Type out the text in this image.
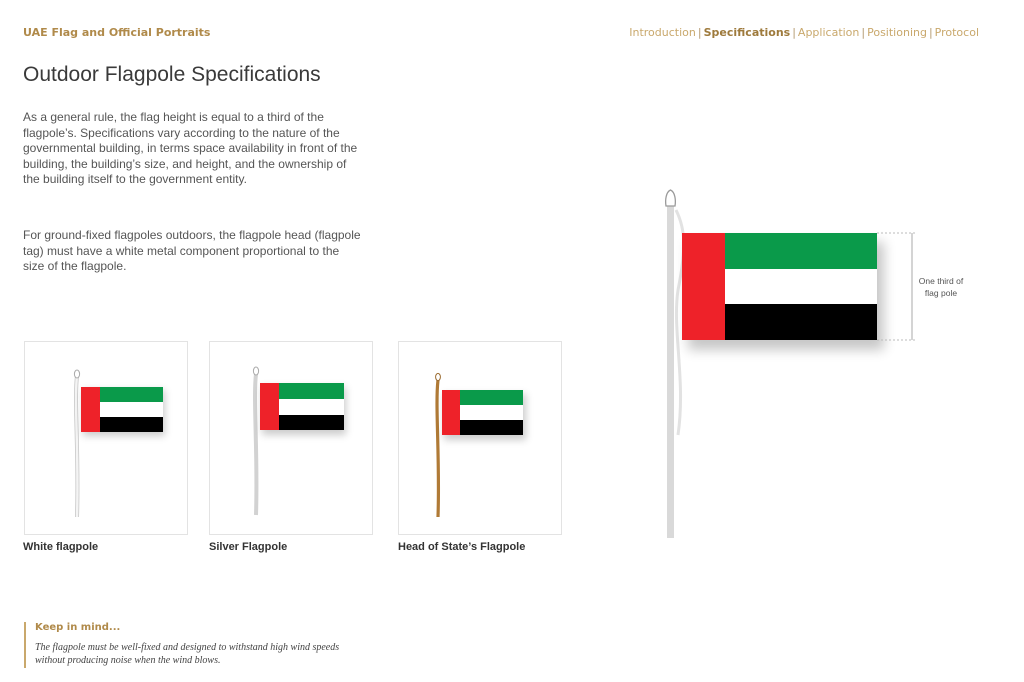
UAE Flag and Official Portraits	Introduction | Specifications | Application | Positioning | Protocol
Outdoor Flagpole Specifications

As a general rule, the flag height is equal to a third of the flagpole’s. Specifications vary according to the nature of the governmental building, in terms space availability in front of the building, the building’s size, and height, and the ownership of the building itself to the government entity.

For ground-fixed flagpoles outdoors, the flagpole head (flagpole tag) must have a white metal component proportional to the size of the flagpole.

White flagpole	Silver Flagpole	Head of State’s Flagpole
One third of
flag pole
Keep in mind...

The flagpole must be well-fixed and designed to withstand high wind speeds without producing noise when the wind blows.
